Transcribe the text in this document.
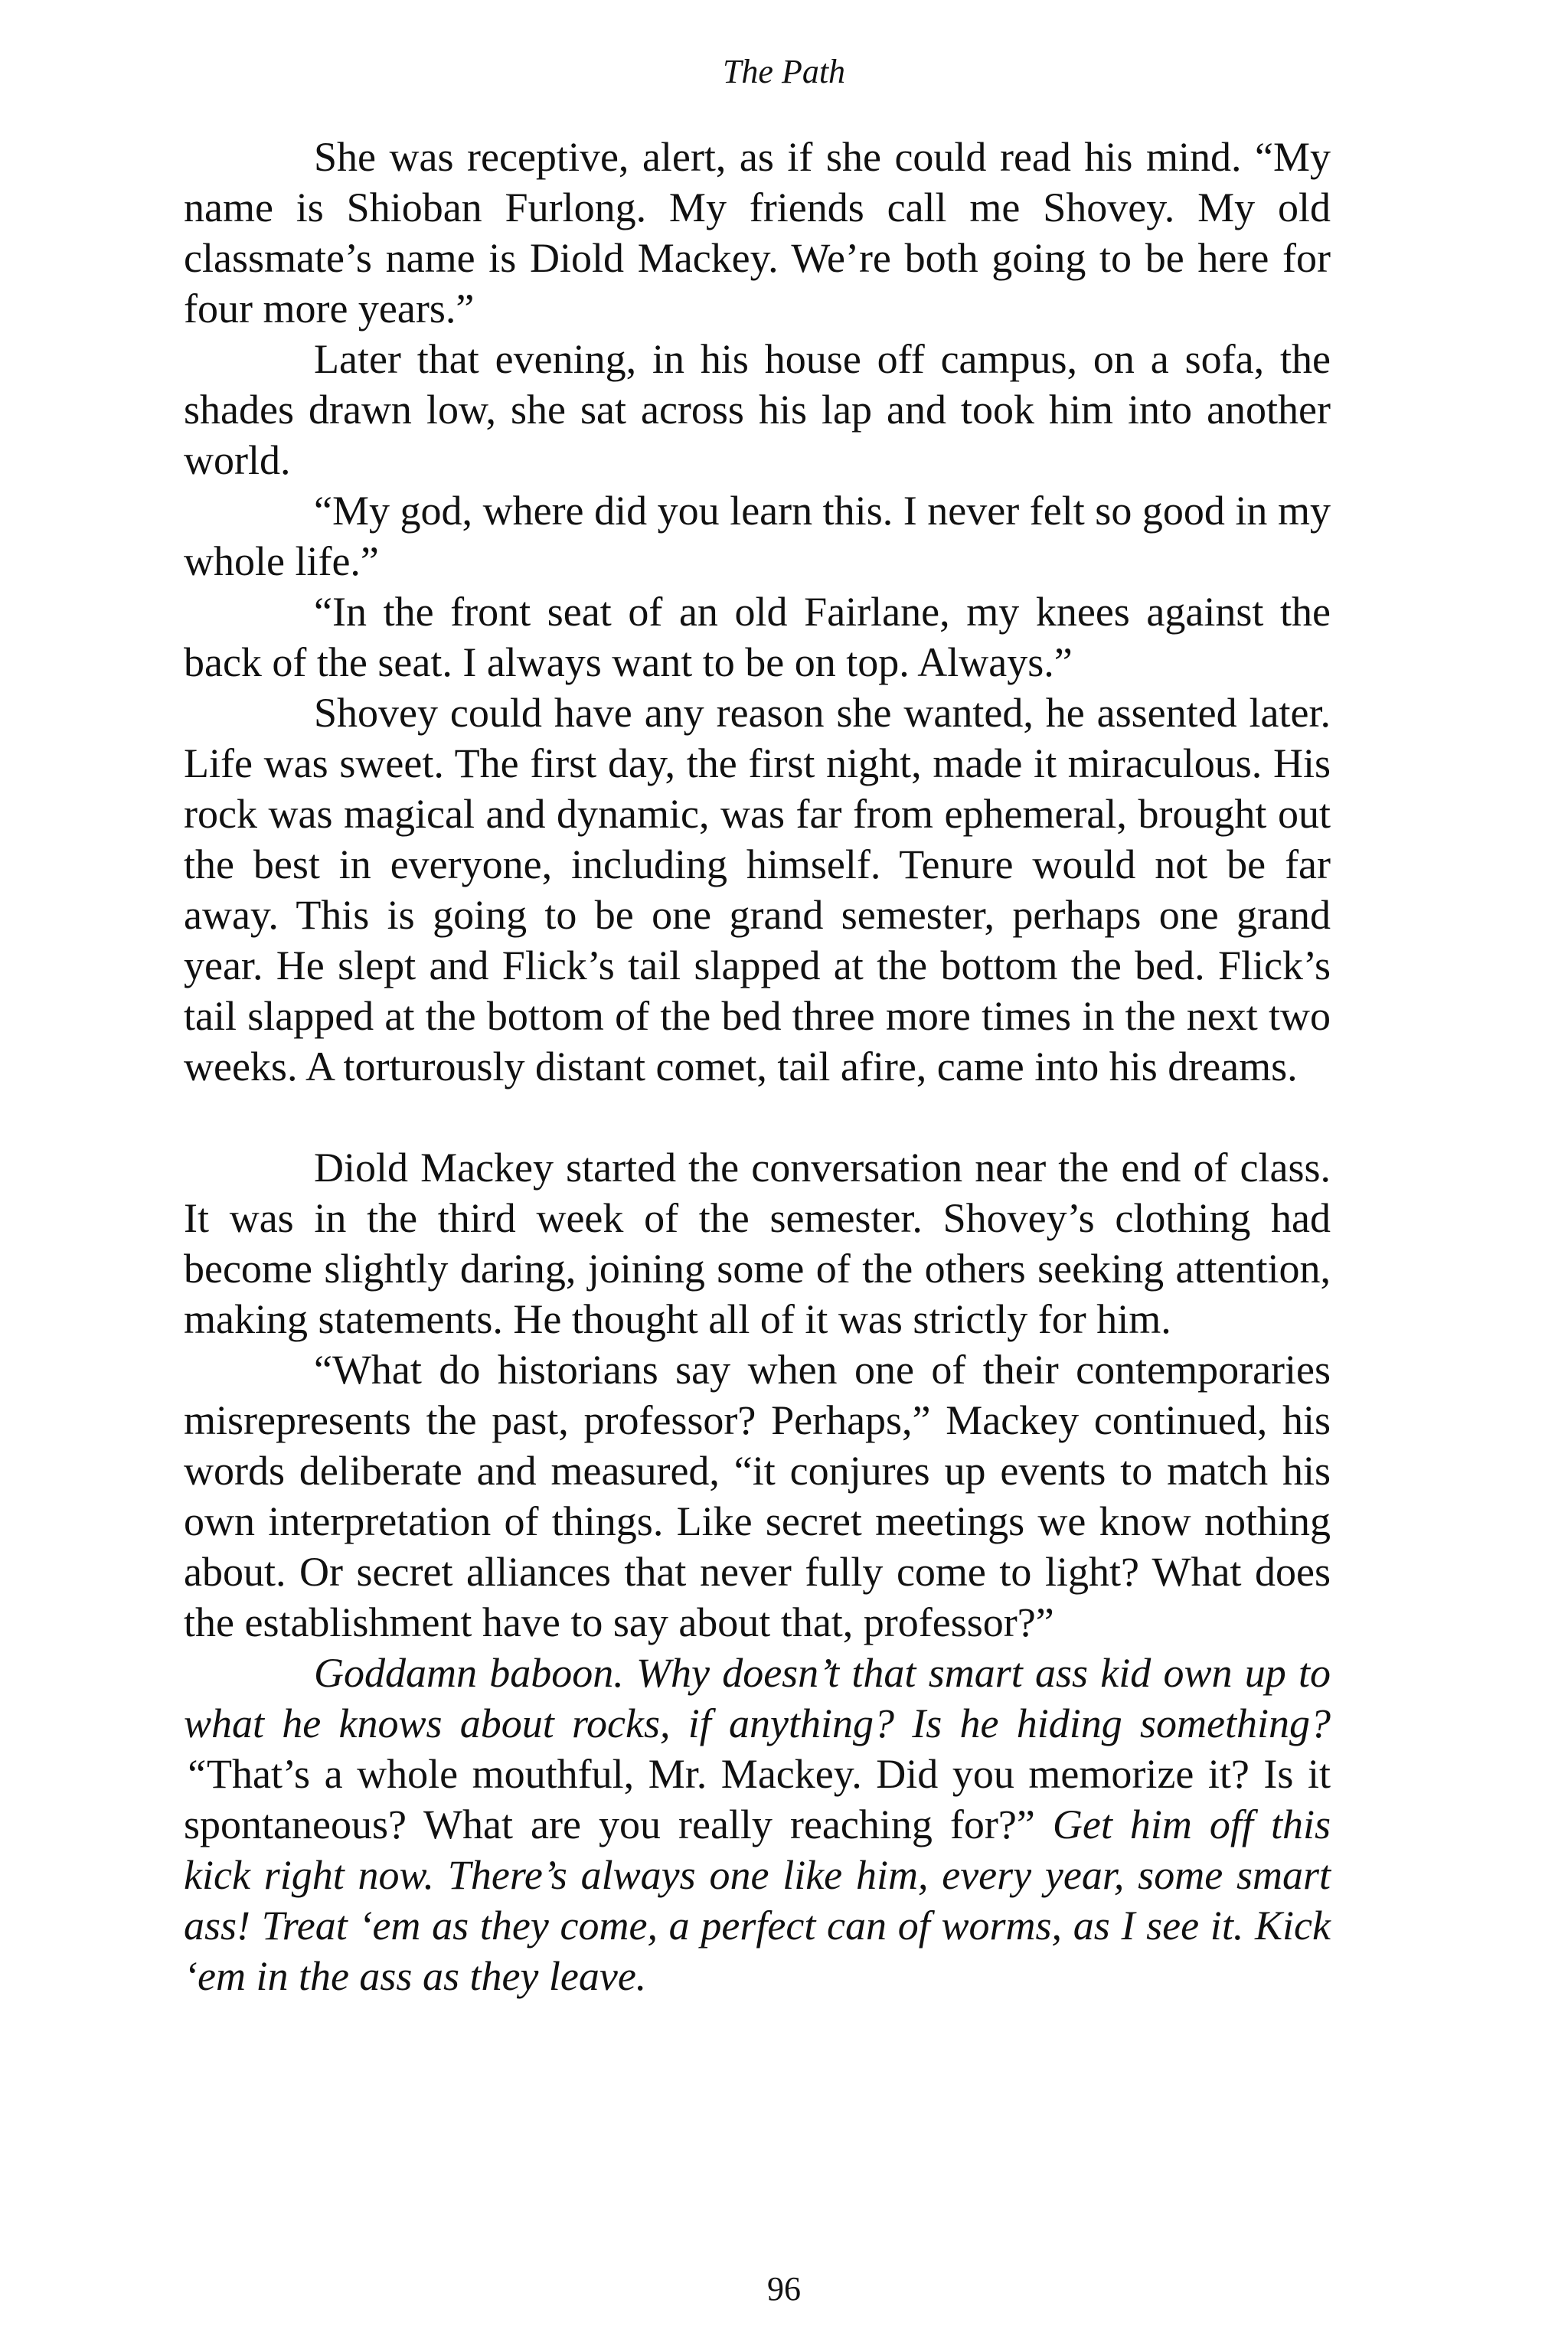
The Path

She was receptive, alert, as if she could read his mind. “My name is Shioban Furlong. My friends call me Shovey. My old classmate’s name is Diold Mackey. We’re both going to be here for four more years.”

Later that evening, in his house off campus, on a sofa, the shades drawn low, she sat across his lap and took him into another world.

“My god, where did you learn this. I never felt so good in my whole life.”

“In the front seat of an old Fairlane, my knees against the back of the seat. I always want to be on top. Always.”

Shovey could have any reason she wanted, he assented later. Life was sweet. The first day, the first night, made it miraculous. His rock was magical and dynamic, was far from ephemeral, brought out the best in everyone, including himself. Tenure would not be far away. This is going to be one grand semester, perhaps one grand year. He slept and Flick’s tail slapped at the bottom the bed. Flick’s tail slapped at the bottom of the bed three more times in the next two weeks. A torturously distant comet, tail afire, came into his dreams.

Diold Mackey started the conversation near the end of class. It was in the third week of the semester. Shovey’s clothing had become slightly daring, joining some of the others seeking attention, making statements. He thought all of it was strictly for him.

“What do historians say when one of their contemporaries misrepresents the past, professor? Perhaps,” Mackey continued, his words deliberate and measured, “it conjures up events to match his own interpretation of things. Like secret meetings we know nothing about. Or secret alliances that never fully come to light? What does the establishment have to say about that, professor?”

Goddamn baboon. Why doesn’t that smart ass kid own up to what he knows about rocks, if anything? Is he hiding something? “That’s a whole mouthful, Mr. Mackey. Did you memorize it? Is it spontaneous? What are you really reaching for?” Get him off this kick right now. There’s always one like him, every year, some smart ass! Treat ‘em as they come, a perfect can of worms, as I see it. Kick ‘em in the ass as they leave.

96
